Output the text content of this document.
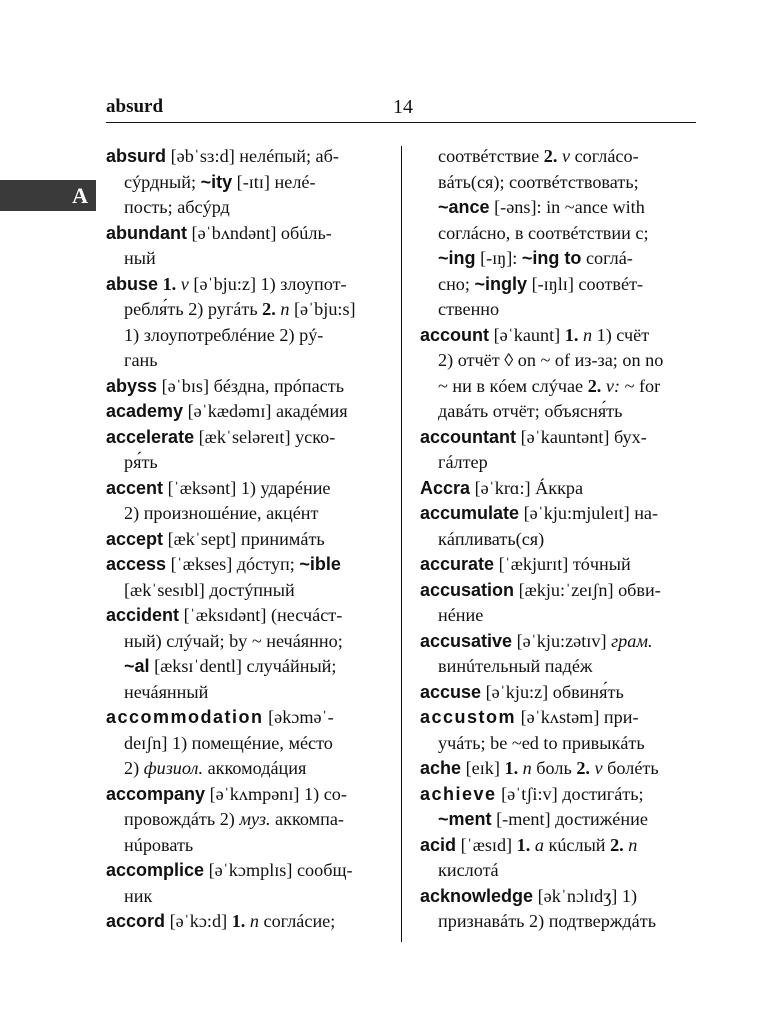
absurd	14
A
absurd [əbˈsɜ:d] нелéпый; аб-
сýрдный; ~ity [-ɪtɪ] нелé-
пость; абсýрд
abundant [əˈbʌndənt] обúль-
ный
abuse 1. v [əˈbju:z] 1) злоупот-
ребля́ть 2) ругáть 2. n [əˈbju:s]
1) злоупотреблéние 2) рý-
гань
abyss [əˈbɪs] бéздна, прóпасть
academy [əˈkædəmɪ] акадéмия
accelerate [ækˈseləreɪt] уско-
ря́ть
accent [ˈæksənt] 1) ударéние
2) произношéние, акцéнт
accept [ækˈsept] принимáть
access [ˈækses] дóступ; ~ible
[ækˈsesɪbl] достýпный
accident [ˈæksɪdənt] (несчáст-
ный) слýчай; by ~ нечáянно;
~al [æksɪˈdentl] случáйный;
нечáянный
accommodation [əkɔməˈ-
deɪʃn] 1) помещéние, мéсто
2) физиол. аккомодáция
accompany [əˈkʌmpənɪ] 1) со-
провождáть 2) муз. аккомпа-
нúровать
accomplice [əˈkɔmplɪs] сообщ-
ник
accord [əˈkɔ:d] 1. n соглáсие;
соотвéтствие 2. v соглáсо-
вáть(ся); соотвéтствовать;
~ance [-əns]: in ~ance with
соглáсно, в соотвéтствии с;
~ing [-ɪŋ]: ~ing to соглá-
сно; ~ingly [-ɪŋlɪ] соотвéт-
ственно
account [əˈkaunt] 1. n 1) счёт
2) отчёт ◊ on ~ of из-за; on no
~ ни в кóем слýчае 2. v: ~ for
давáть отчёт; объясня́ть
accountant [əˈkauntənt] бух-
гáлтер
Accra [əˈkrɑ:] Áккра
accumulate [əˈkju:mjuleɪt] на-
кáпливать(ся)
accurate [ˈækjurɪt] тóчный
accusation [ækju:ˈzeɪʃn] обви-
нéние
accusative [əˈkju:zətɪv] грам.
винúтельный падéж
accuse [əˈkju:z] обвиня́ть
accustom [əˈkʌstəm] при-
учáть; be ~ed to привыкáть
ache [eɪk] 1. n боль 2. v болéть
achieve [əˈtʃi:v] достигáть;
~ment [-ment] достижéние
acid [ˈæsɪd] 1. a кúслый 2. n
кислотá
acknowledge [əkˈnɔlɪdʒ] 1)
признавáть 2) подтверждáть
